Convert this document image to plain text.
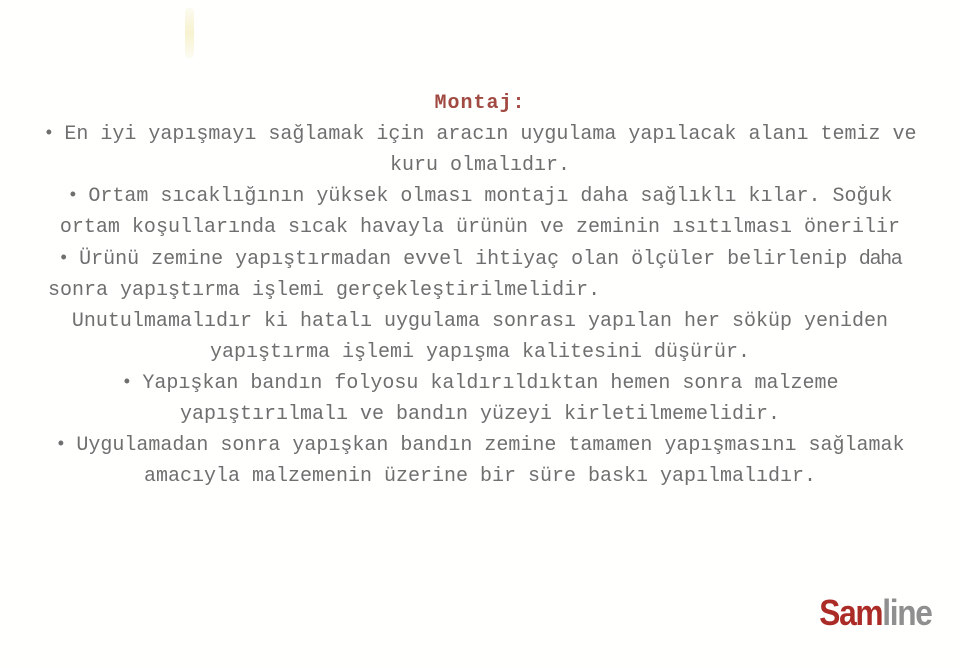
Montaj:
• En iyi yapışmayı sağlamak için aracın uygulama yapılacak alanı temiz ve
kuru olmalıdır.
• Ortam sıcaklığının yüksek olması montajı daha sağlıklı kılar. Soğuk
ortam koşullarında sıcak havayla ürünün ve zeminin ısıtılması önerilir
• Ürünü zemine yapıştırmadan evvel ihtiyaç olan ölçüler belirlenip daha
sonra yapıştırma işlemi gerçekleştirilmelidir.
Unutulmamalıdır ki hatalı uygulama sonrası yapılan her söküp yeniden
yapıştırma işlemi yapışma kalitesini düşürür.
• Yapışkan bandın folyosu kaldırıldıktan hemen sonra malzeme
yapıştırılmalı ve bandın yüzeyi kirletilmemelidir.
• Uygulamadan sonra yapışkan bandın zemine tamamen yapışmasını sağlamak
amacıyla malzemenin üzerine bir süre baskı yapılmalıdır.
Samline
